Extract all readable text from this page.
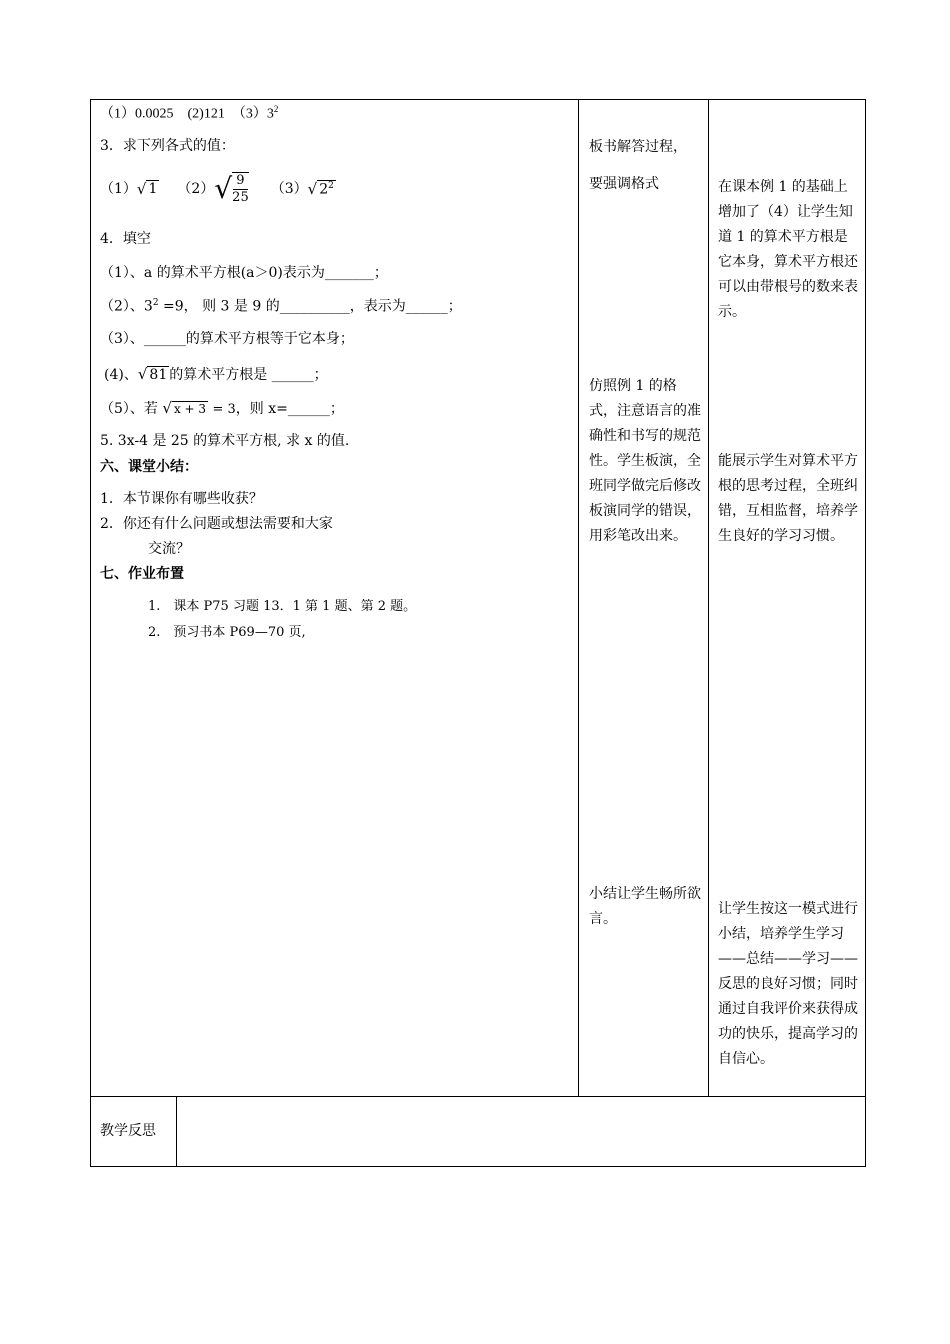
（1）0.0025　(2)121　$(3)3^2$
3．求下列各式的值：
（1） √ 1 （2） √ $\frac{9}{25} (3)$ √ $2^2$
4．填空
（1）、a 的算术平方根(a＞0)表示为_______；
（2）、$3^2 =9$， 则 3 是 9 的__________，表示为______；
（3）、______的算术平方根等于它本身；
(4)、√ 81 的算术平方根是 ______；
（5）、若 √ x + 3 = 3，则 x=______；
5. 3x-4 是 25 的算术平方根, 求 x 的值.
六、课堂小结：
1．本节课你有哪些收获？
2．你还有什么问题或想法需要和大家
交流？
七、作业布置
1.　课本 P75 习题 13．1 第 1 题、第 2 题。
2.　预习书本 P69—70 页,
板书解答过程，
要强调格式
仿照例 1 的格式，注意语言的准确性和书写的规范性。学生板演，全班同学做完后修改板演同学的错误，用彩笔改出来。
小结让学生畅所欲言。
在课本例 1 的基础上增加了（4）让学生知道 1 的算术平方根是它本身，算术平方根还可以由带根号的数来表示。
能展示学生对算术平方根的思考过程，全班纠错，互相监督，培养学生良好的学习习惯。
让学生按这一模式进行小结，培养学生学习——总结——学习——反思的良好习惯；同时通过自我评价来获得成功的快乐，提高学习的自信心。
教学反思
